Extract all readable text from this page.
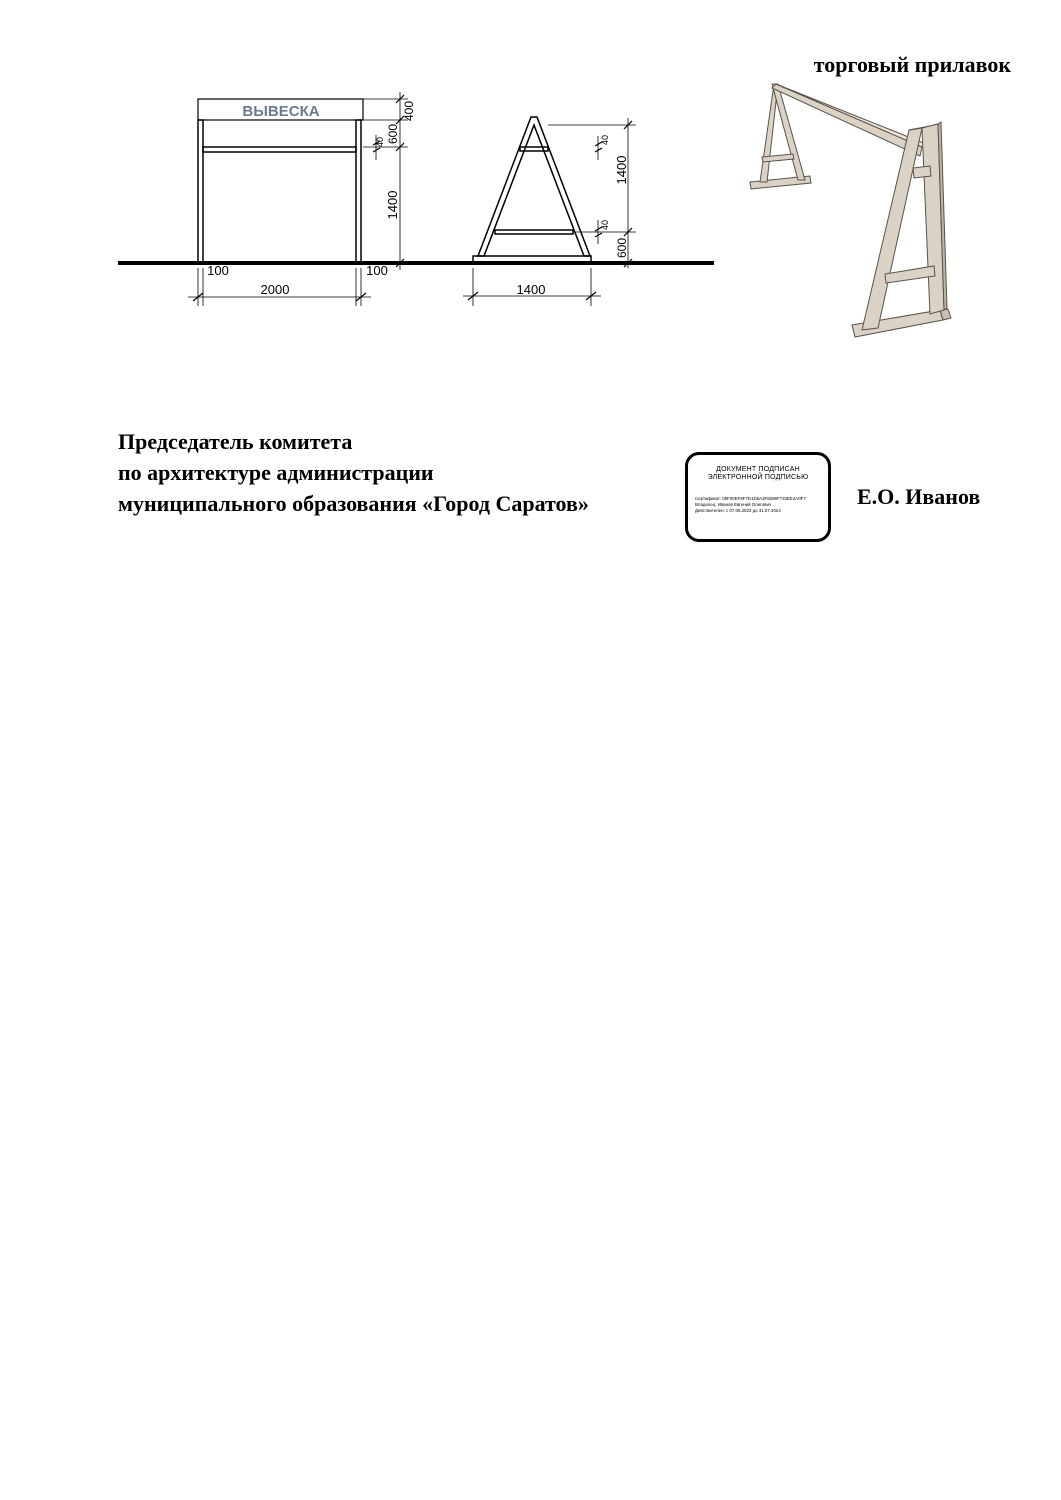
ВЫВЕСКА
2000
100	100
1400
600
400
40
1400
1400
600
40
40
торговый прилавок
Председатель комитета
по архитектуре администрации
муниципального образования «Город Саратов»
ДОКУМЕНТ ПОДПИСАН
ЭЛЕКТРОННОЙ ПОДПИСЬЮ
Сертификат: 00F00EF8F7D1D6A3F8286F733EE4A0F7
Владелец: Иванов Евгений Олегович
Действителен: с 07.06.2023 до 31.07.2024
Е.О. Иванов
